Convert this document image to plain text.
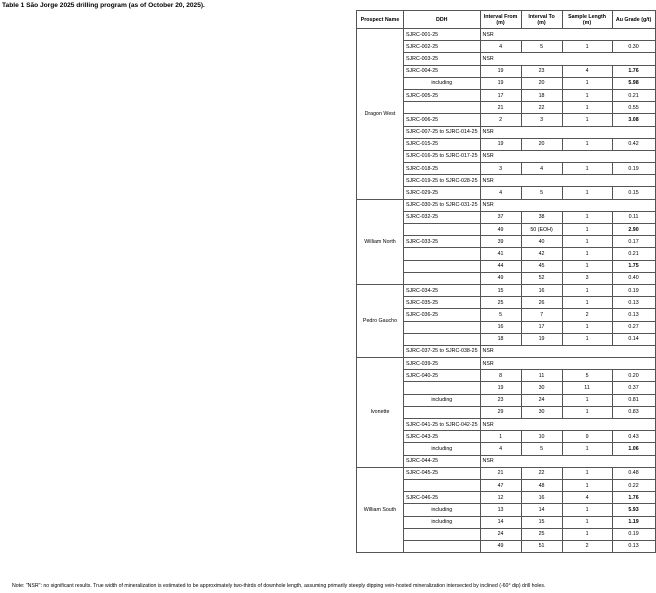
Table 1 São Jorge 2025 drilling program (as of October 20, 2025).
Prospect Name	DDH	Interval From (m)	Interval To (m)	Sample Length (m)	Au Grade (g/t)
Dragon West	SJRC-001-25	NSR			
	SJRC-002-25	4	5	1	0.30
	SJRC-003-25	NSR			
	SJRC-004-25	19	23	4	1.76
	including	19	20	1	5.98
	SJRC-005-25	17	18	1	0.21
		21	22	1	0.55
	SJRC-006-25	2	3	1	3.08
	SJRC-007-25 to SJRC-014-25	NSR			
	SJRC-015-25	19	20	1	0.42
	SJRC-016-25 to SJRC-017-25	NSR			
	SJRC-018-25	3	4	1	0.19
	SJRC-019-25 to SJRC-028-25	NSR			
	SJRC-029-25	4	5	1	0.15
William North	SJRC-030-25 to SJRC-031-25	NSR			
	SJRC-032-25	37	38	1	0.11
		49	50 (EOH)	1	2.90
	SJRC-033-25	39	40	1	0.17
		41	42	1	0.21
		44	45	1	1.75
		49	52	3	0.40
Pedro Gaucho	SJRC-034-25	15	16	1	0.19
	SJRC-035-25	25	26	1	0.13
	SJRC-036-25	5	7	2	0.13
		16	17	1	0.27
		18	19	1	0.14
	SJRC-037-25 to SJRC-038-25	NSR			
Ivonette	SJRC-039-25	NSR			
	SJRC-040-25	8	11	5	0.20
		19	30	11	0.37
	including	23	24	1	0.81
		29	30	1	0.83
	SJRC-041-25 to SJRC-042-25	NSR			
	SJRC-043-25	1	10	9	0.43
	including	4	5	1	1.06
	SJRC-044-25	NSR			
William South	SJRC-045-25	21	22	1	0.48
		47	48	1	0.22
	SJRC-046-25	12	16	4	1.76
	including	13	14	1	5.93
	including	14	15	1	1.19
		24	25	1	0.19
		49	51	2	0.13
Note: "NSR": no significant results. True width of mineralization is estimated to be approximately two-thirds of downhole length, assuming primarily steeply dipping vein-hosted mineralization intersected by inclined (-60° dip) drill holes.
